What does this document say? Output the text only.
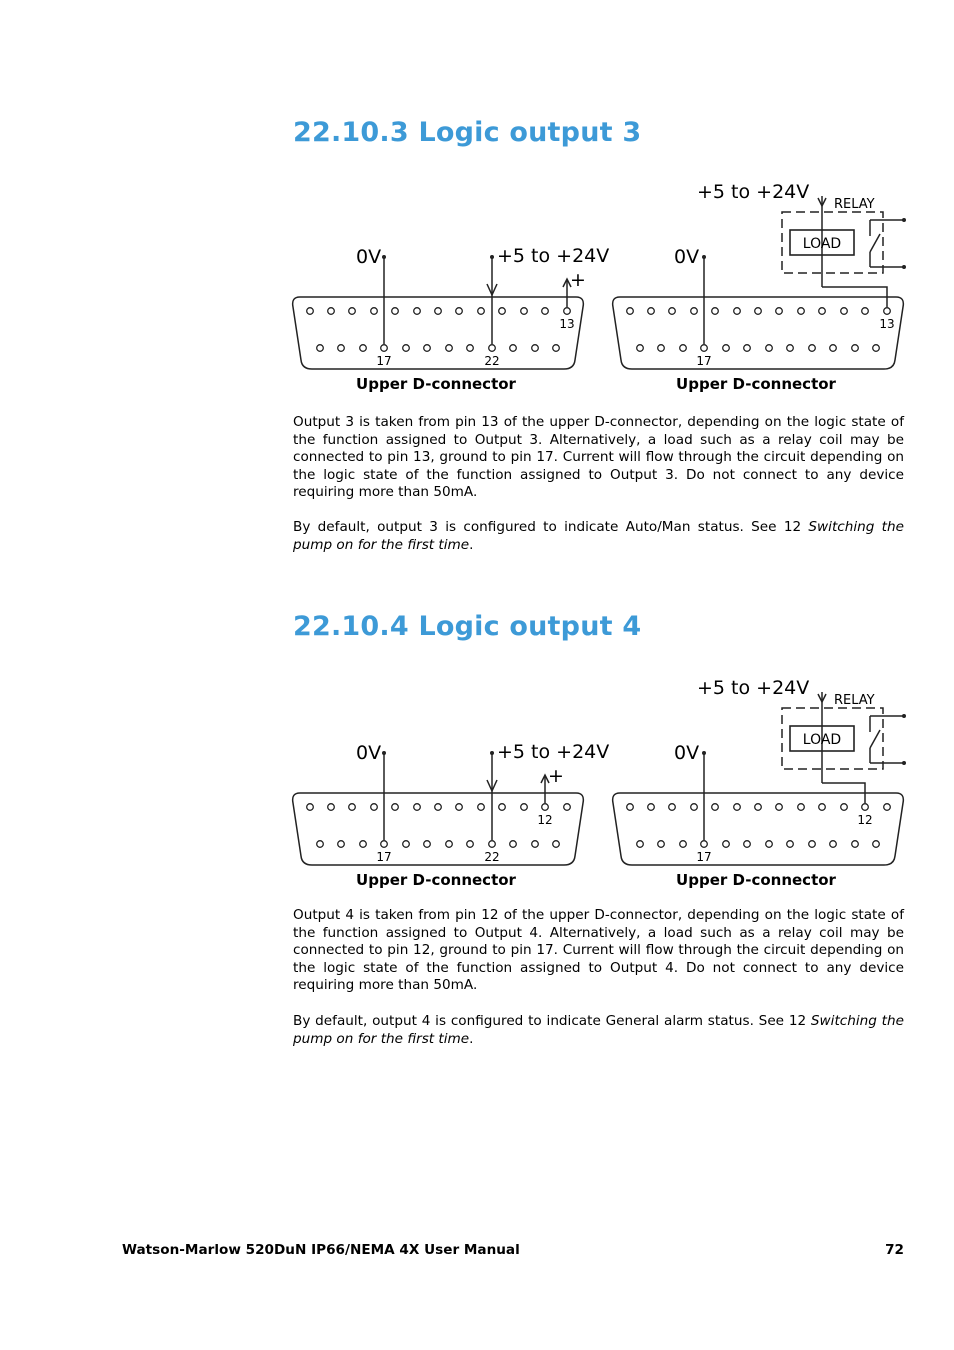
22.10.3 Logic output 3
0V	+5 to +24V
+
13
17	22
Upper D-connector
+5 to +24V
RELAY
LOAD
0V
13
17
Upper D-connector

Output 3 is taken from pin 13 of the upper D-connector, depending on the logic state of the function assigned to Output 3. Alternatively, a load such as a relay coil may be connected to pin 13, ground to pin 17. Current will flow through the circuit depending on the logic state of the function assigned to Output 3. Do not connect to any device requiring more than 50mA.

By default, output 3 is configured to indicate Auto/Man status. See 12 Switching the pump on for the first time.

22.10.4 Logic output 4
0V	+5 to +24V
+
12
17	22
Upper D-connector
+5 to +24V
RELAY
LOAD
0V
12
17
Upper D-connector

Output 4 is taken from pin 12 of the upper D-connector, depending on the logic state of the function assigned to Output 4. Alternatively, a load such as a relay coil may be connected to pin 12, ground to pin 17. Current will flow through the circuit depending on the logic state of the function assigned to Output 4. Do not connect to any device requiring more than 50mA.

By default, output 4 is configured to indicate General alarm status. See 12 Switching the pump on for the first time.

Watson-Marlow 520DuN IP66/NEMA 4X User Manual	72
